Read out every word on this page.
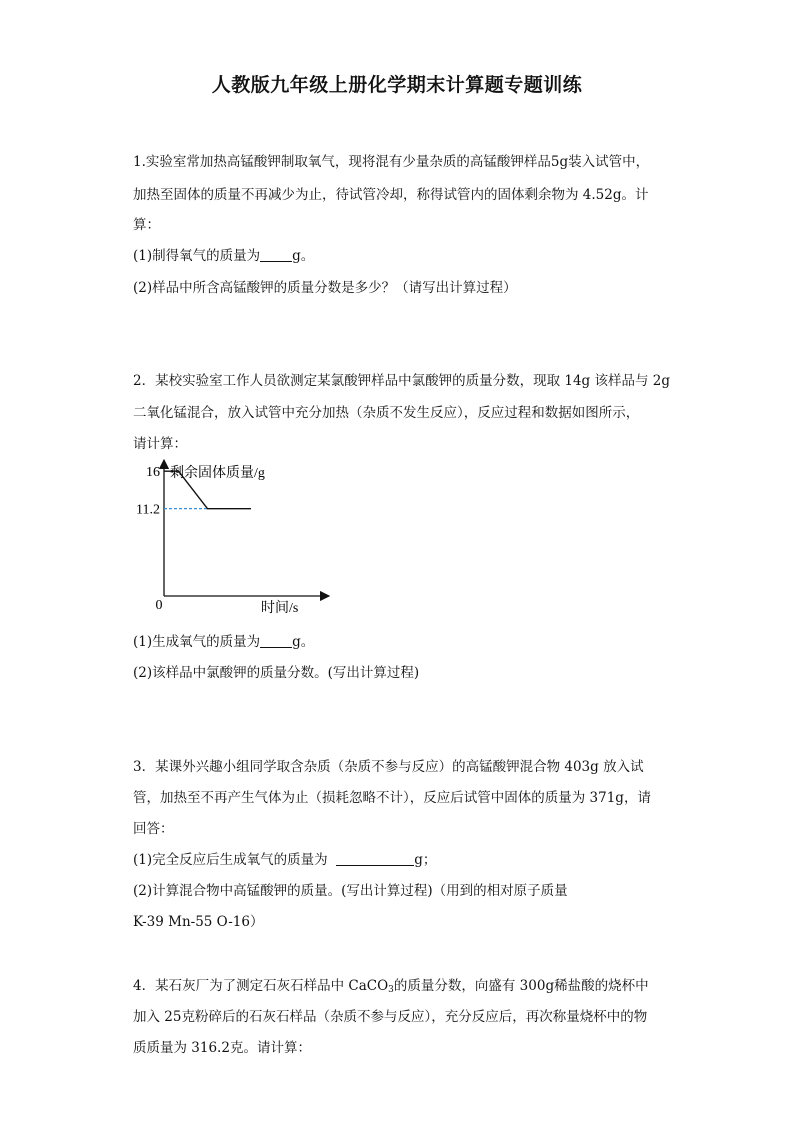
人教版九年级上册化学期末计算题专题训练
1.实验室常加热高锰酸钾制取氧气，现将混有少量杂质的高锰酸钾样品5g装入试管中，
加热至固体的质量不再减少为止，待试管冷却，称得试管内的固体剩余物为 4.52g。计
算：
(1)制得氧气的质量为 g。
(2)样品中所含高锰酸钾的质量分数是多少？（请写出计算过程）
2．某校实验室工作人员欲测定某氯酸钾样品中氯酸钾的质量分数，现取 14g 该样品与 2g
二氧化锰混合，放入试管中充分加热（杂质不发生反应），反应过程和数据如图所示，
请计算：
16
11.2
剩余固体质量/g
时间/s
0
(1)生成氧气的质量为 g。
(2)该样品中氯酸钾的质量分数。(写出计算过程)
3．某课外兴趣小组同学取含杂质（杂质不参与反应）的高锰酸钾混合物 403g 放入试
管，加热至不再产生气体为止（损耗忽略不计），反应后试管中固体的质量为 371g，请
回答：
(1)完全反应后生成氧气的质量为	g；
(2)计算混合物中高锰酸钾的质量。(写出计算过程)（用到的相对原子质量
K-39 Mn-55 O-16）
4．某石灰厂为了测定石灰石样品中 CaCO$_3$的质量分数，向盛有 300g稀盐酸的烧杯中
加入 25克粉碎后的石灰石样品（杂质不参与反应），充分反应后，再次称量烧杯中的物
质质量为 316.2克。请计算：
